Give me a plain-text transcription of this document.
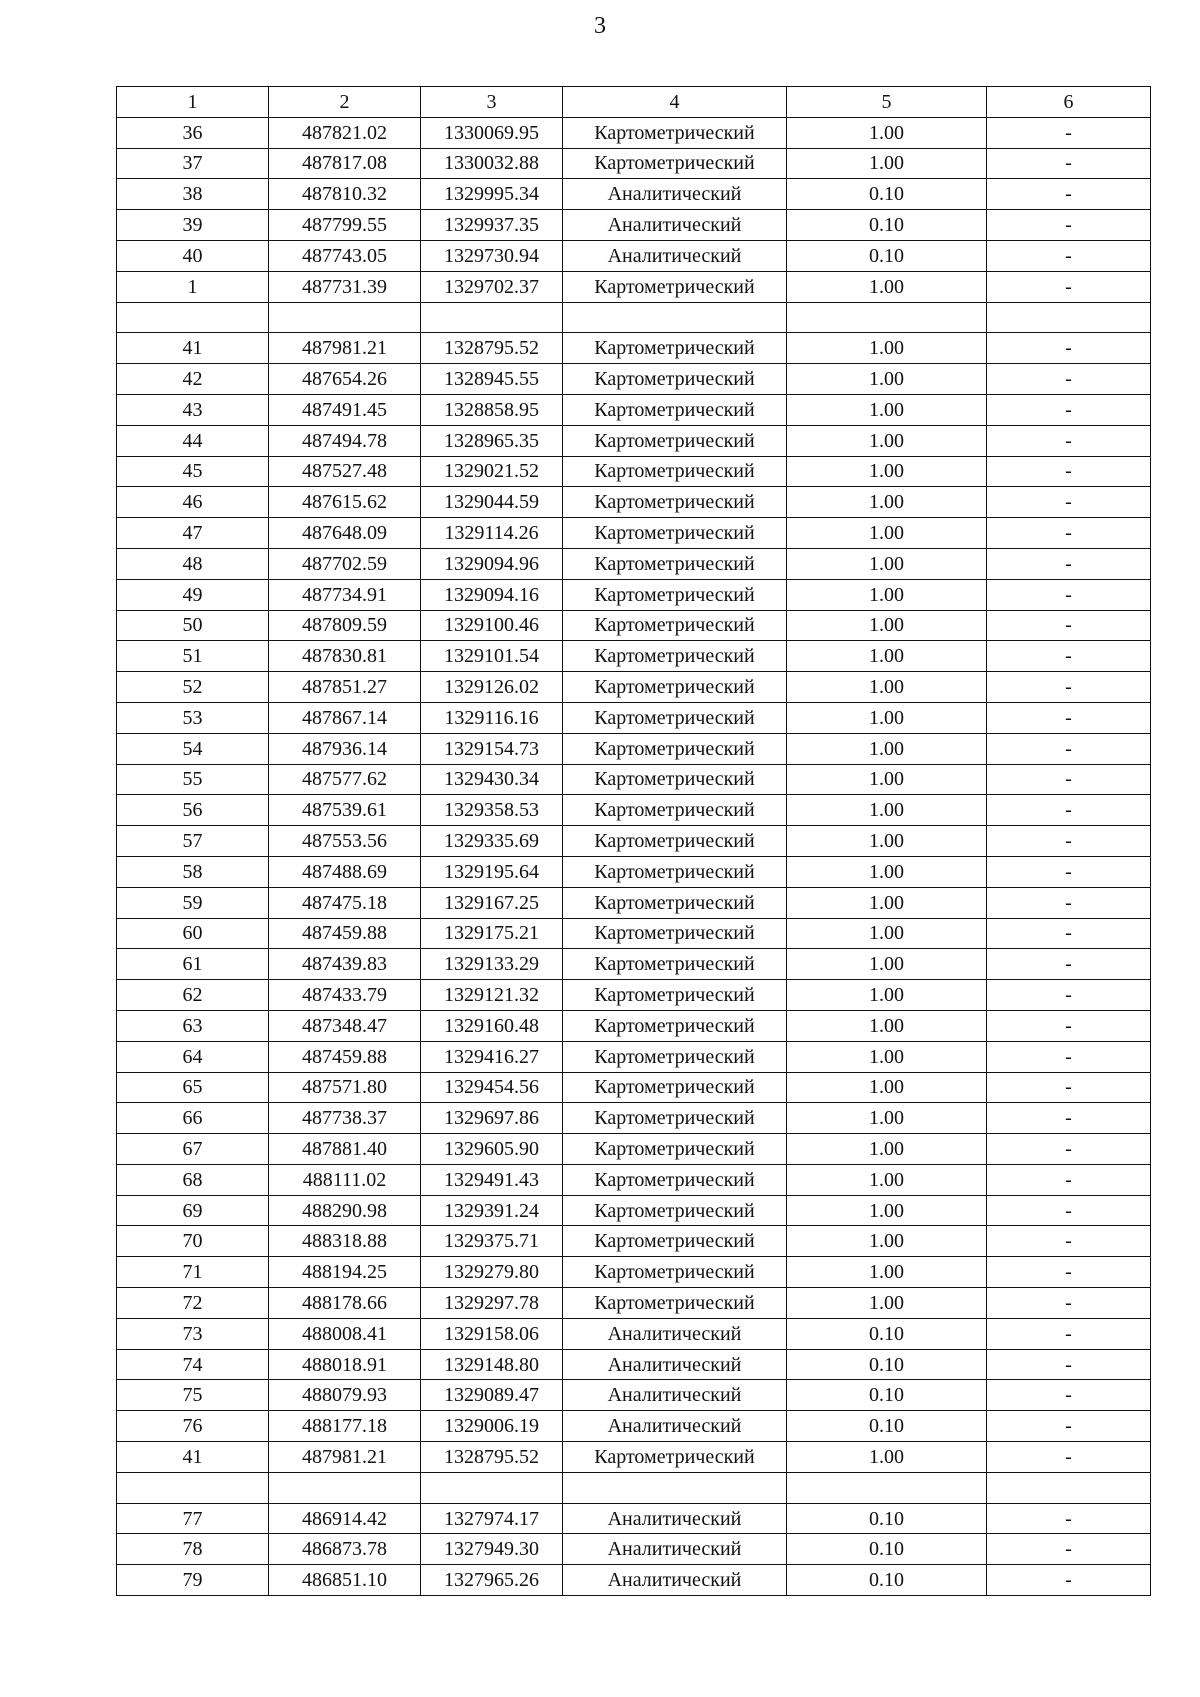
3
1	2	3	4	5	6
36	487821.02	1330069.95	Картометрический	1.00	-
37	487817.08	1330032.88	Картометрический	1.00	-
38	487810.32	1329995.34	Аналитический	0.10	-
39	487799.55	1329937.35	Аналитический	0.10	-
40	487743.05	1329730.94	Аналитический	0.10	-
1	487731.39	1329702.37	Картометрический	1.00	-

41	487981.21	1328795.52	Картометрический	1.00	-
42	487654.26	1328945.55	Картометрический	1.00	-
43	487491.45	1328858.95	Картометрический	1.00	-
44	487494.78	1328965.35	Картометрический	1.00	-
45	487527.48	1329021.52	Картометрический	1.00	-
46	487615.62	1329044.59	Картометрический	1.00	-
47	487648.09	1329114.26	Картометрический	1.00	-
48	487702.59	1329094.96	Картометрический	1.00	-
49	487734.91	1329094.16	Картометрический	1.00	-
50	487809.59	1329100.46	Картометрический	1.00	-
51	487830.81	1329101.54	Картометрический	1.00	-
52	487851.27	1329126.02	Картометрический	1.00	-
53	487867.14	1329116.16	Картометрический	1.00	-
54	487936.14	1329154.73	Картометрический	1.00	-
55	487577.62	1329430.34	Картометрический	1.00	-
56	487539.61	1329358.53	Картометрический	1.00	-
57	487553.56	1329335.69	Картометрический	1.00	-
58	487488.69	1329195.64	Картометрический	1.00	-
59	487475.18	1329167.25	Картометрический	1.00	-
60	487459.88	1329175.21	Картометрический	1.00	-
61	487439.83	1329133.29	Картометрический	1.00	-
62	487433.79	1329121.32	Картометрический	1.00	-
63	487348.47	1329160.48	Картометрический	1.00	-
64	487459.88	1329416.27	Картометрический	1.00	-
65	487571.80	1329454.56	Картометрический	1.00	-
66	487738.37	1329697.86	Картометрический	1.00	-
67	487881.40	1329605.90	Картометрический	1.00	-
68	488111.02	1329491.43	Картометрический	1.00	-
69	488290.98	1329391.24	Картометрический	1.00	-
70	488318.88	1329375.71	Картометрический	1.00	-
71	488194.25	1329279.80	Картометрический	1.00	-
72	488178.66	1329297.78	Картометрический	1.00	-
73	488008.41	1329158.06	Аналитический	0.10	-
74	488018.91	1329148.80	Аналитический	0.10	-
75	488079.93	1329089.47	Аналитический	0.10	-
76	488177.18	1329006.19	Аналитический	0.10	-
41	487981.21	1328795.52	Картометрический	1.00	-

77	486914.42	1327974.17	Аналитический	0.10	-
78	486873.78	1327949.30	Аналитический	0.10	-
79	486851.10	1327965.26	Аналитический	0.10	-
